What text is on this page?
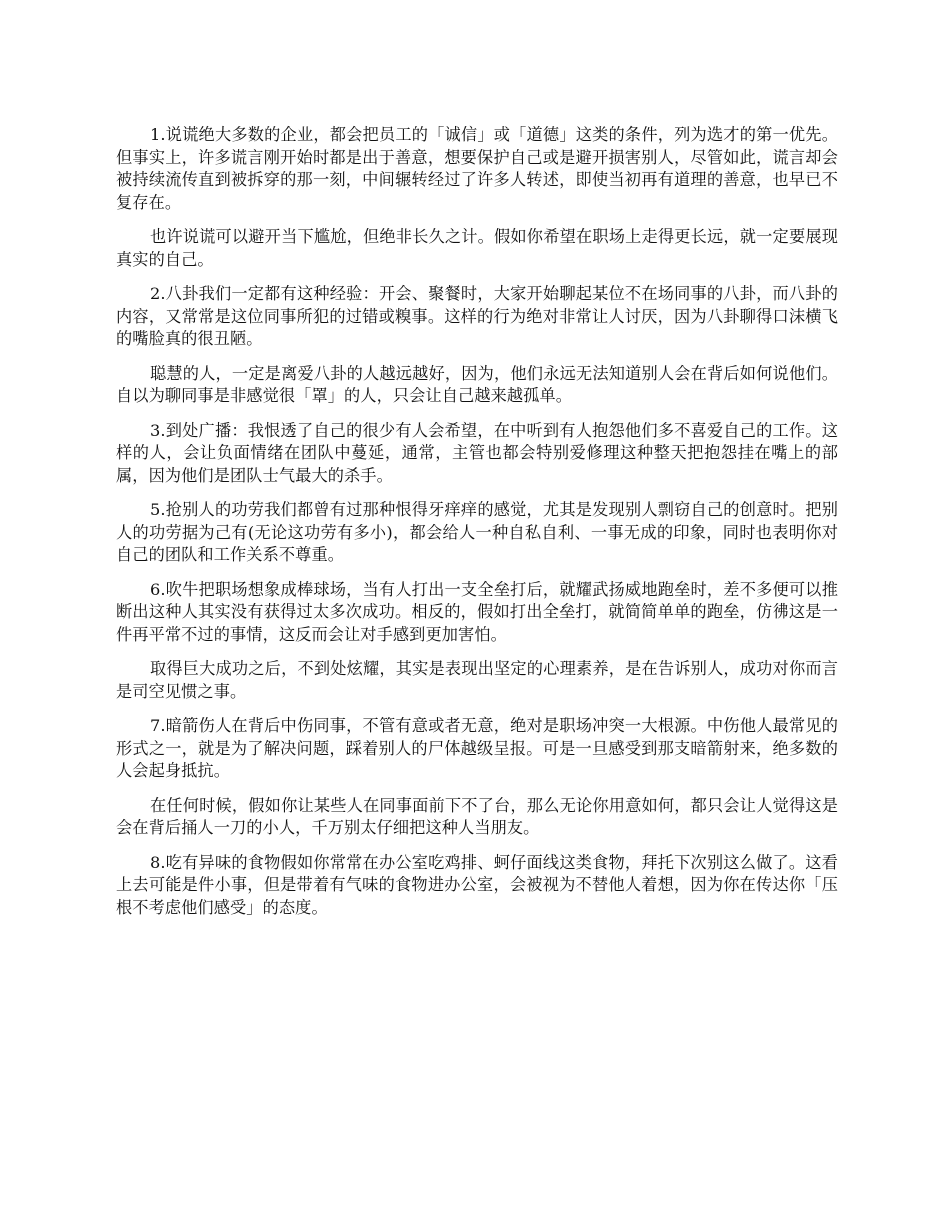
1.说谎绝大多数的企业，都会把员工的「诚信」或「道德」这类的条件，列为选才的第一优先。但事实上，许多谎言刚开始时都是出于善意，想要保护自己或是避开损害别人，尽管如此，谎言却会被持续流传直到被拆穿的那一刻，中间辗转经过了许多人转述，即使当初再有道理的善意，也早已不复存在。

也许说谎可以避开当下尴尬，但绝非长久之计。假如你希望在职场上走得更长远，就一定要展现真实的自己。

2.八卦我们一定都有这种经验：开会、聚餐时，大家开始聊起某位不在场同事的八卦，而八卦的内容，又常常是这位同事所犯的过错或糗事。这样的行为绝对非常让人讨厌，因为八卦聊得口沫横飞的嘴脸真的很丑陋。

聪慧的人，一定是离爱八卦的人越远越好，因为，他们永远无法知道别人会在背后如何说他们。自以为聊同事是非感觉很「罩」的人，只会让自己越来越孤单。

3.到处广播：我恨透了自己的很少有人会希望，在中听到有人抱怨他们多不喜爱自己的工作。这样的人，会让负面情绪在团队中蔓延，通常，主管也都会特别爱修理这种整天把抱怨挂在嘴上的部属，因为他们是团队士气最大的杀手。

5.抢别人的功劳我们都曾有过那种恨得牙痒痒的感觉，尤其是发现别人剽窃自己的创意时。把别人的功劳据为己有(无论这功劳有多小)，都会给人一种自私自利、一事无成的印象，同时也表明你对自己的团队和工作关系不尊重。

6.吹牛把职场想象成棒球场，当有人打出一支全垒打后，就耀武扬威地跑垒时，差不多便可以推断出这种人其实没有获得过太多次成功。相反的，假如打出全垒打，就简简单单的跑垒，仿彿这是一件再平常不过的事情，这反而会让对手感到更加害怕。

取得巨大成功之后，不到处炫耀，其实是表现出坚定的心理素养，是在告诉别人，成功对你而言是司空见惯之事。

7.暗箭伤人在背后中伤同事，不管有意或者无意，绝对是职场冲突一大根源。中伤他人最常见的形式之一，就是为了解决问题，踩着别人的尸体越级呈报。可是一旦感受到那支暗箭射来，绝多数的人会起身抵抗。

在任何时候，假如你让某些人在同事面前下不了台，那么无论你用意如何，都只会让人觉得这是会在背后捅人一刀的小人，千万别太仔细把这种人当朋友。

8.吃有异味的食物假如你常常在办公室吃鸡排、蚵仔面线这类食物，拜托下次别这么做了。这看上去可能是件小事，但是带着有气味的食物进办公室，会被视为不替他人着想，因为你在传达你「压根不考虑他们感受」的态度。
